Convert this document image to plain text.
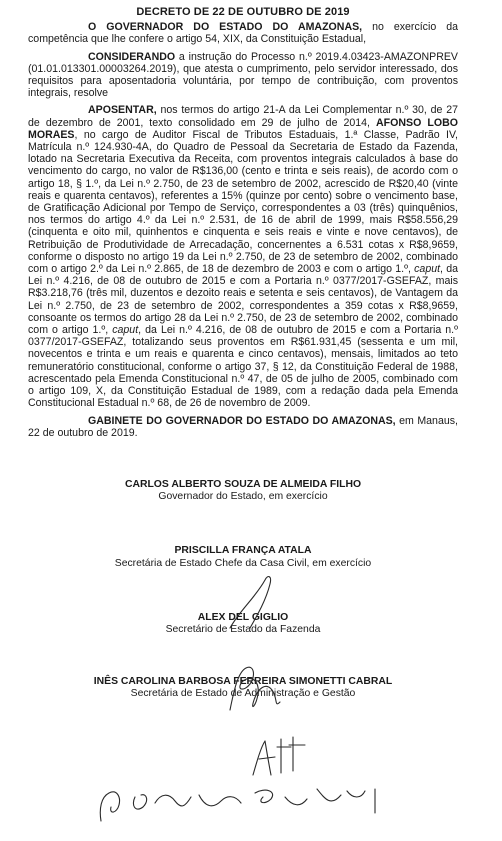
DECRETO DE 22 DE OUTUBRO DE 2019

O GOVERNADOR DO ESTADO DO AMAZONAS, no exercício da competência que lhe confere o artigo 54, XIX, da Constituição Estadual,

CONSIDERANDO a instrução do Processo n.º 2019.4.03423-AMAZONPREV (01.01.013301.00003264.2019), que atesta o cumprimento, pelo servidor interessado, dos requisitos para aposentadoria voluntária, por tempo de contribuição, com proventos integrais, resolve

APOSENTAR, nos termos do artigo 21-A da Lei Complementar n.º 30, de 27 de dezembro de 2001, texto consolidado em 29 de julho de 2014, AFONSO LOBO MORAES, no cargo de Auditor Fiscal de Tributos Estaduais, 1.ª Classe, Padrão IV, Matrícula n.º 124.930-4A, do Quadro de Pessoal da Secretaria de Estado da Fazenda, lotado na Secretaria Executiva da Receita, com proventos integrais calculados à base do vencimento do cargo, no valor de R$136,00 (cento e trinta e seis reais), de acordo com o artigo 18, § 1.º, da Lei n.º 2.750, de 23 de setembro de 2002, acrescido de R$20,40 (vinte reais e quarenta centavos), referentes a 15% (quinze por cento) sobre o vencimento base, de Gratificação Adicional por Tempo de Serviço, correspondentes a 03 (três) quinquênios, nos termos do artigo 4.º da Lei n.º 2.531, de 16 de abril de 1999, mais R$58.556,29 (cinquenta e oito mil, quinhentos e cinquenta e seis reais e vinte e nove centavos), de Retribuição de Produtividade de Arrecadação, concernentes a 6.531 cotas x R$8,9659, conforme o disposto no artigo 19 da Lei n.º 2.750, de 23 de setembro de 2002, combinado com o artigo 2.º da Lei n.º 2.865, de 18 de dezembro de 2003 e com o artigo 1.º, caput, da Lei n.º 4.216, de 08 de outubro de 2015 e com a Portaria n.º 0377/2017-GSEFAZ, mais R$3.218,76 (três mil, duzentos e dezoito reais e setenta e seis centavos), de Vantagem da Lei n.º 2.750, de 23 de setembro de 2002, correspondentes a 359 cotas x R$8,9659, consoante os termos do artigo 28 da Lei n.º 2.750, de 23 de setembro de 2002, combinado com o artigo 1.º, caput, da Lei n.º 4.216, de 08 de outubro de 2015 e com a Portaria n.º 0377/2017-GSEFAZ, totalizando seus proventos em R$61.931,45 (sessenta e um mil, novecentos e trinta e um reais e quarenta e cinco centavos), mensais, limitados ao teto remuneratório constitucional, conforme o artigo 37, § 12, da Constituição Federal de 1988, acrescentado pela Emenda Constitucional n.º 47, de 05 de julho de 2005, combinado com o artigo 109, X, da Constituição Estadual de 1989, com a redação dada pela Emenda Constitucional Estadual n.º 68, de 26 de novembro de 2009.

GABINETE DO GOVERNADOR DO ESTADO DO AMAZONAS, em Manaus, 22 de outubro de 2019.

CARLOS ALBERTO SOUZA DE ALMEIDA FILHO
Governador do Estado, em exercício
PRISCILLA FRANÇA ATALA
Secretária de Estado Chefe da Casa Civil, em exercício
ALEX DEL GIGLIO
Secretário de Estado da Fazenda
INÊS CAROLINA BARBOSA FERREIRA SIMONETTI CABRAL
Secretária de Estado de Administração e Gestão
